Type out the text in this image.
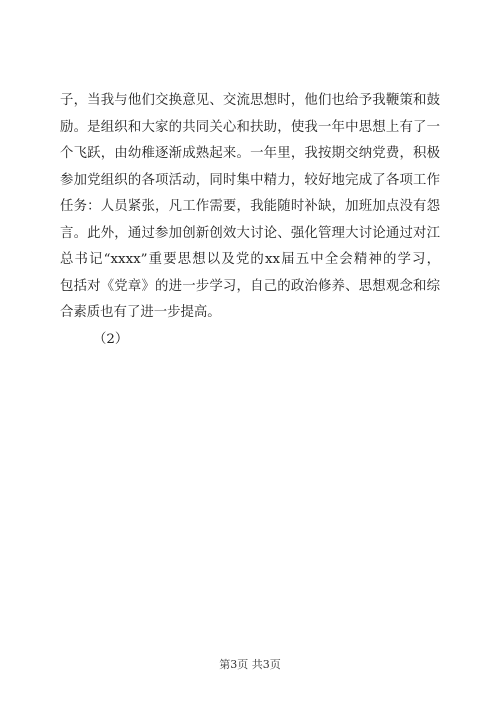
子，当我与他们交换意见、交流思想时，他们也给予我鞭策和鼓
励。是组织和大家的共同关心和扶助，使我一年中思想上有了一
个飞跃，由幼稚逐渐成熟起来。一年里，我按期交纳党费，积极
参加党组织的各项活动，同时集中精力，较好地完成了各项工作
任务：人员紧张，凡工作需要，我能随时补缺，加班加点没有怨
言。此外，通过参加创新创效大讨论、强化管理大讨论通过对江
总书记“xxxx”重要思想以及党的xx届五中全会精神的学习，
包括对《党章》的进一步学习，自己的政治修养、思想观念和综
合素质也有了进一步提高。
（2）
第3页 共3页
